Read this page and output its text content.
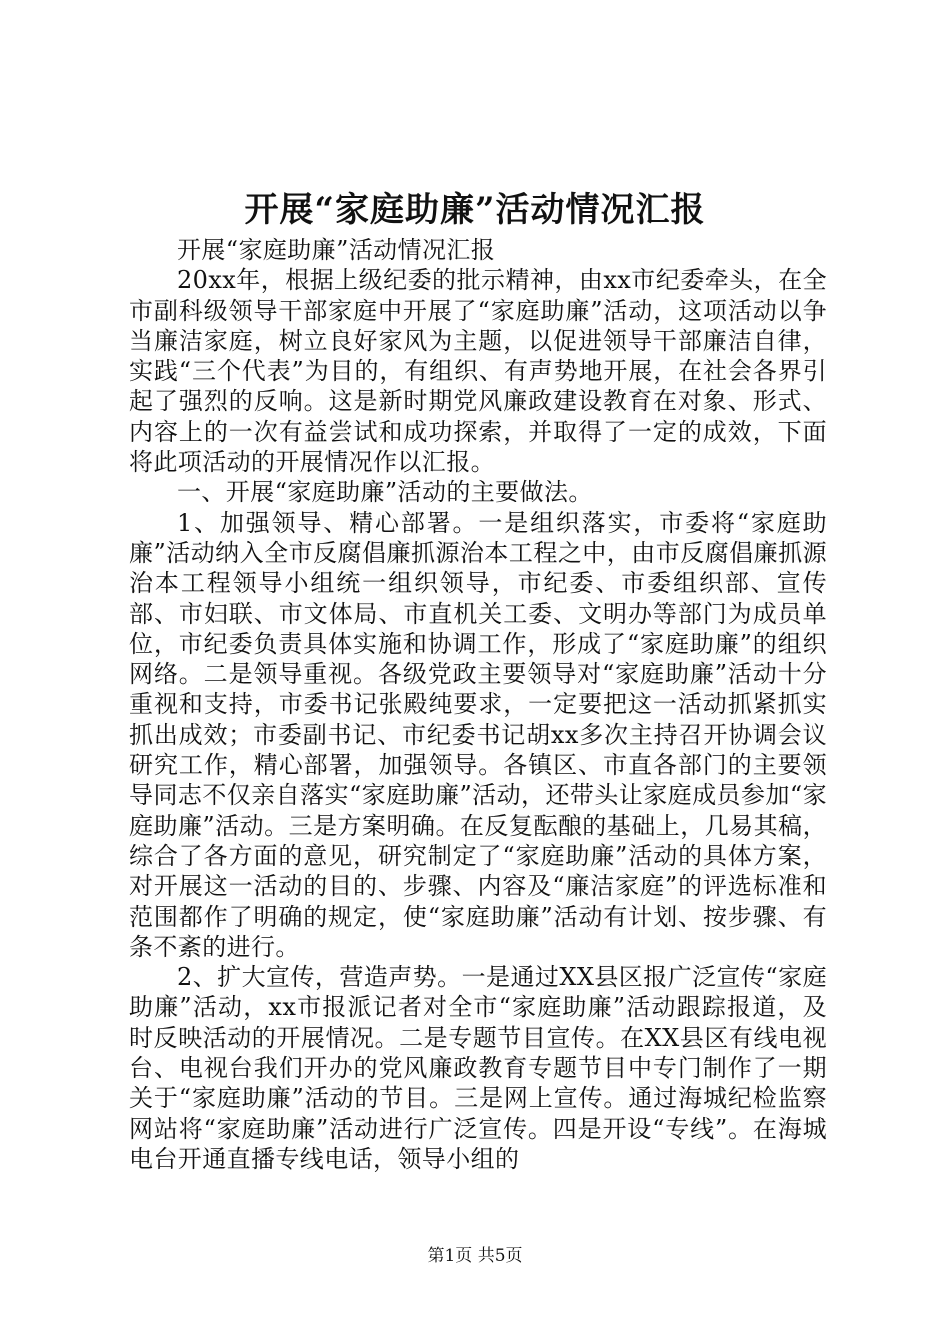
开展“家庭助廉”活动情况汇报

开展“家庭助廉”活动情况汇报

20xx年，根据上级纪委的批示精神，由xx市纪委牵头，在全市副科级领导干部家庭中开展了“家庭助廉”活动，这项活动以争当廉洁家庭，树立良好家风为主题，以促进领导干部廉洁自律，实践“三个代表”为目的，有组织、有声势地开展，在社会各界引起了强烈的反响。这是新时期党风廉政建设教育在对象、形式、内容上的一次有益尝试和成功探索，并取得了一定的成效，下面将此项活动的开展情况作以汇报。

一、开展“家庭助廉”活动的主要做法。

1、加强领导、精心部署。一是组织落实，市委将“家庭助廉”活动纳入全市反腐倡廉抓源治本工程之中，由市反腐倡廉抓源治本工程领导小组统一组织领导，市纪委、市委组织部、宣传部、市妇联、市文体局、市直机关工委、文明办等部门为成员单位，市纪委负责具体实施和协调工作，形成了“家庭助廉”的组织网络。二是领导重视。各级党政主要领导对“家庭助廉”活动十分重视和支持，市委书记张殿纯要求，一定要把这一活动抓紧抓实抓出成效；市委副书记、市纪委书记胡xx多次主持召开协调会议研究工作，精心部署，加强领导。各镇区、市直各部门的主要领导同志不仅亲自落实“家庭助廉”活动，还带头让家庭成员参加“家庭助廉”活动。三是方案明确。在反复酝酿的基础上，几易其稿，综合了各方面的意见，研究制定了“家庭助廉”活动的具体方案，对开展这一活动的目的、步骤、内容及“廉洁家庭”的评选标准和范围都作了明确的规定，使“家庭助廉”活动有计划、按步骤、有条不紊的进行。

2、扩大宣传，营造声势。一是通过XX县区报广泛宣传“家庭助廉”活动，xx市报派记者对全市“家庭助廉”活动跟踪报道，及时反映活动的开展情况。二是专题节目宣传。在XX县区有线电视台、电视台我们开办的党风廉政教育专题节目中专门制作了一期关于“家庭助廉”活动的节目。三是网上宣传。通过海城纪检监察网站将“家庭助廉”活动进行广泛宣传。四是开设“专线”。在海城电台开通直播专线电话，领导小组的

第1页 共5页
